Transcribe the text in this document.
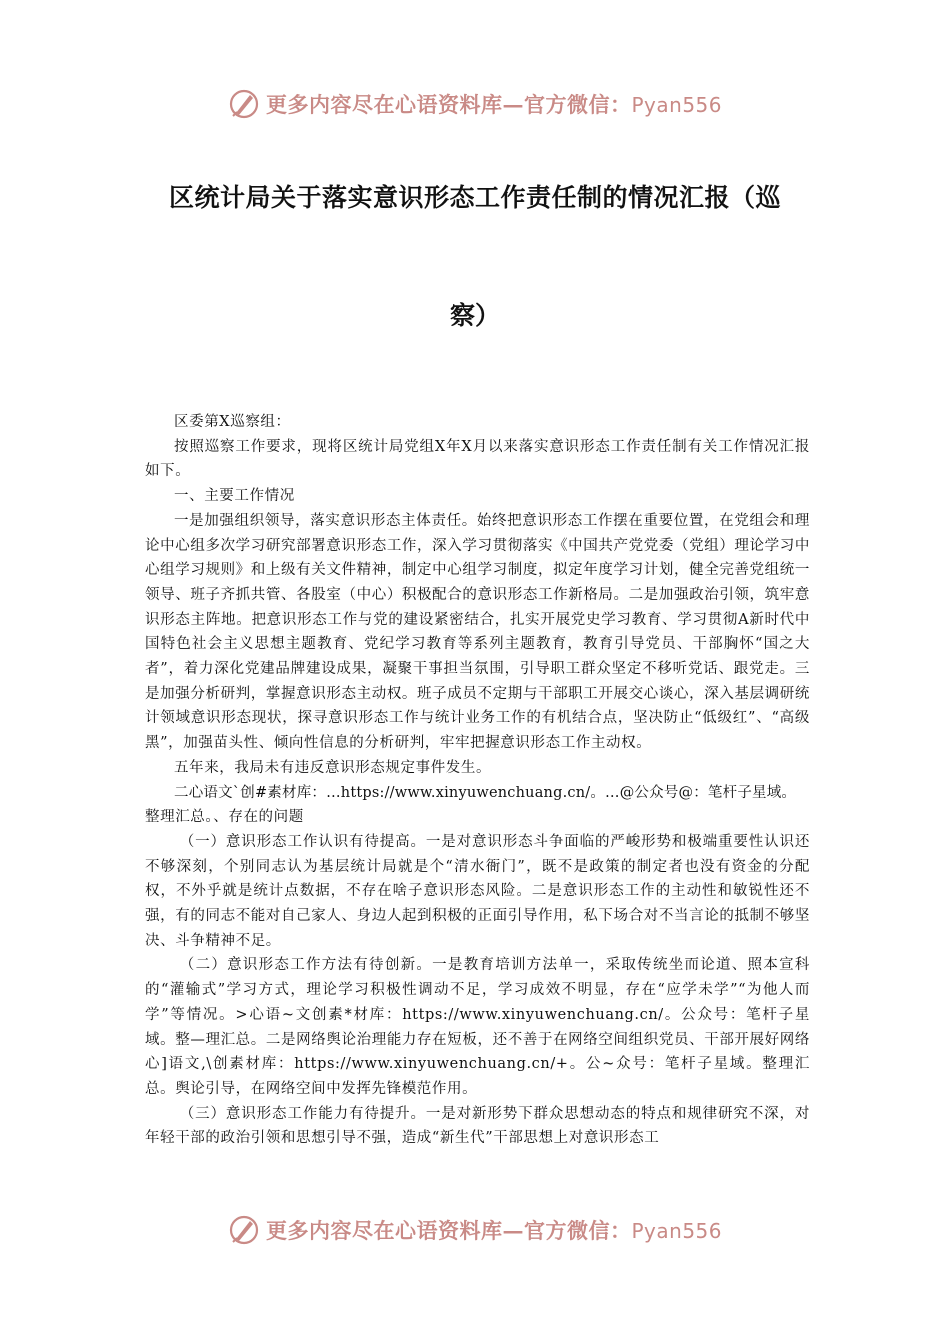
更多内容尽在心语资料库—官方微信：Pyan556
区统计局关于落实意识形态工作责任制的情况汇报（巡
察）

区委第X巡察组：

按照巡察工作要求，现将区统计局党组X年X月以来落实意识形态工作责任制有关工作情况汇报如下。

一、主要工作情况

一是加强组织领导，落实意识形态主体责任。始终把意识形态工作摆在重要位置，在党组会和理论中心组多次学习研究部署意识形态工作，深入学习贯彻落实《中国共产党党委（党组）理论学习中心组学习规则》和上级有关文件精神，制定中心组学习制度，拟定年度学习计划，健全完善党组统一领导、班子齐抓共管、各股室（中心）积极配合的意识形态工作新格局。二是加强政治引领，筑牢意识形态主阵地。把意识形态工作与党的建设紧密结合，扎实开展党史学习教育、学习贯彻A新时代中国特色社会主义思想主题教育、党纪学习教育等系列主题教育，教育引导党员、干部胸怀“国之大者”，着力深化党建品牌建设成果，凝聚干事担当氛围，引导职工群众坚定不移听党话、跟党走。三是加强分析研判，掌握意识形态主动权。班子成员不定期与干部职工开展交心谈心，深入基层调研统计领域意识形态现状，探寻意识形态工作与统计业务工作的有机结合点，坚决防止“低级红”、“高级黑”，加强苗头性、倾向性信息的分析研判，牢牢把握意识形态工作主动权。

五年来，我局未有违反意识形态规定事件发生。

二心语文`创#素材库：…https://www.xinyuwenchuang.cn/。…@公众号@：笔杆子星域。

整理汇总。、存在的问题

（一）意识形态工作认识有待提高。一是对意识形态斗争面临的严峻形势和极端重要性认识还不够深刻，个别同志认为基层统计局就是个“清水衙门”，既不是政策的制定者也没有资金的分配权，不外乎就是统计点数据，不存在啥子意识形态风险。二是意识形态工作的主动性和敏锐性还不强，有的同志不能对自己家人、身边人起到积极的正面引导作用，私下场合对不当言论的抵制不够坚决、斗争精神不足。

（二）意识形态工作方法有待创新。一是教育培训方法单一，采取传统坐而论道、照本宣科的“灌输式”学习方式，理论学习积极性调动不足，学习成效不明显，存在“应学未学”“为他人而学”等情况。>心语~文创素*材库：https://www.xinyuwenchuang.cn/。公众号：笔杆子星域。整—理汇总。二是网络舆论治理能力存在短板，还不善于在网络空间组织党员、干部开展好网络心]语文,\创素材库：https://www.xinyuwenchuang.cn/+。公~众号：笔杆子星域。整理汇总。舆论引导，在网络空间中发挥先锋模范作用。

（三）意识形态工作能力有待提升。一是对新形势下群众思想动态的特点和规律研究不深，对年轻干部的政治引领和思想引导不强，造成“新生代”干部思想上对意识形态工

更多内容尽在心语资料库—官方微信：Pyan556
